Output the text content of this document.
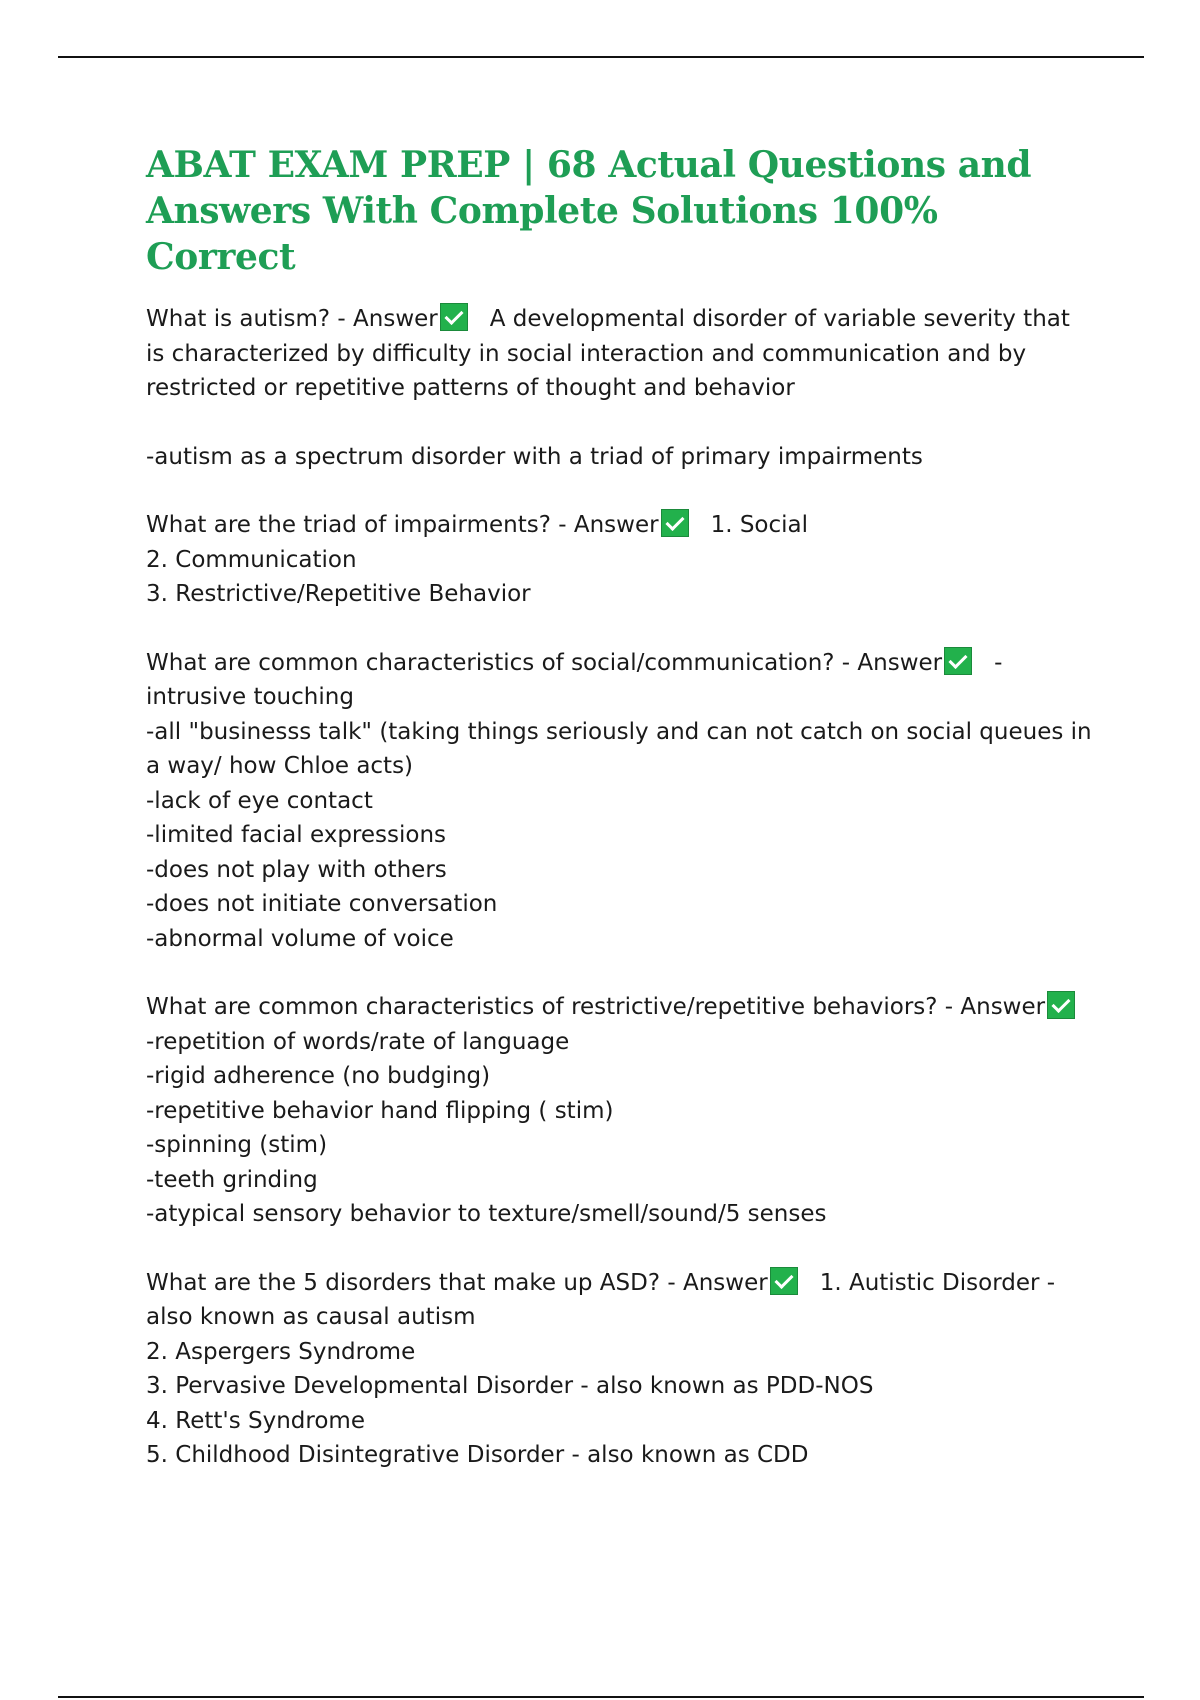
ABAT EXAM PREP | 68 Actual Questions and
Answers With Complete Solutions 100% Correct

What is autism? - Answer A developmental disorder of variable severity that

is characterized by difficulty in social interaction and communication and by

restricted or repetitive patterns of thought and behavior

-autism as a spectrum disorder with a triad of primary impairments

What are the triad of impairments? - Answer 1. Social

2. Communication

3. Restrictive/Repetitive Behavior

What are common characteristics of social/communication? - Answer -

intrusive touching

-all "businesss talk" (taking things seriously and can not catch on social queues in

a way/ how Chloe acts)

-lack of eye contact

-limited facial expressions

-does not play with others

-does not initiate conversation

-abnormal volume of voice

What are common characteristics of restrictive/repetitive behaviors? - Answer

-repetition of words/rate of language

-rigid adherence (no budging)

-repetitive behavior hand flipping ( stim)

-spinning (stim)

-teeth grinding

-atypical sensory behavior to texture/smell/sound/5 senses

What are the 5 disorders that make up ASD? - Answer 1. Autistic Disorder -

also known as causal autism

2. Aspergers Syndrome

3. Pervasive Developmental Disorder - also known as PDD-NOS

4. Rett's Syndrome

5. Childhood Disintegrative Disorder - also known as CDD
